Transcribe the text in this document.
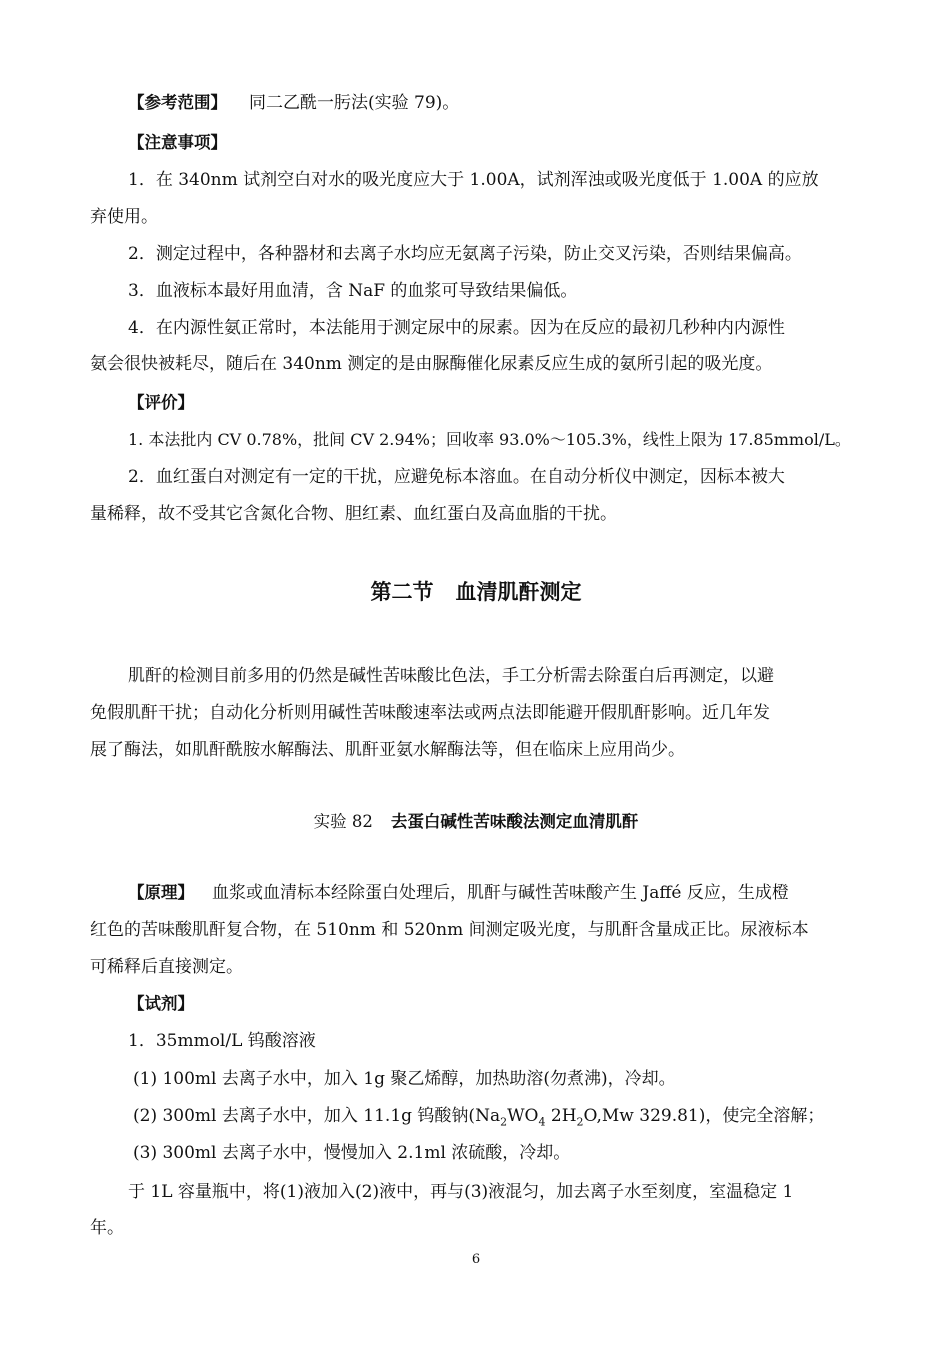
【参考范围】 同二乙酰一肟法(实验 79)。
【注意事项】
1．在 340nm 试剂空白对水的吸光度应大于 1.00A，试剂浑浊或吸光度低于 1.00A 的应放
弃使用。
2．测定过程中，各种器材和去离子水均应无氨离子污染，防止交叉污染，否则结果偏高。
3．血液标本最好用血清，含 NaF 的血浆可导致结果偏低。
4．在内源性氨正常时，本法能用于测定尿中的尿素。因为在反应的最初几秒种内内源性
氨会很快被耗尽，随后在 340nm 测定的是由脲酶催化尿素反应生成的氨所引起的吸光度。
【评价】
1. 本法批内 CV 0.78%，批间 CV 2.94%；回收率 93.0%～105.3%，线性上限为 17.85mmol/L。
2．血红蛋白对测定有一定的干扰，应避免标本溶血。在自动分析仪中测定，因标本被大
量稀释，故不受其它含氮化合物、胆红素、血红蛋白及高血脂的干扰。
第二节 血清肌酐测定
肌酐的检测目前多用的仍然是碱性苦味酸比色法，手工分析需去除蛋白后再测定，以避
免假肌酐干扰；自动化分析则用碱性苦味酸速率法或两点法即能避开假肌酐影响。近几年发
展了酶法，如肌酐酰胺水解酶法、肌酐亚氨水解酶法等，但在临床上应用尚少。
实验 82 去蛋白碱性苦味酸法测定血清肌酐
【原理】 血浆或血清标本经除蛋白处理后，肌酐与碱性苦味酸产生 Jaffé 反应，生成橙
红色的苦味酸肌酐复合物，在 510nm 和 520nm 间测定吸光度，与肌酐含量成正比。尿液标本
可稀释后直接测定。
【试剂】
1．35mmol/L 钨酸溶液
(1) 100ml 去离子水中，加入 1g 聚乙烯醇，加热助溶(勿煮沸)，冷却。
(2) 300ml 去离子水中，加入 11.1g 钨酸钠($Na_2WO_4$ $2H_2O,Mw$ 329.81)，使完全溶解；
(3) 300ml 去离子水中，慢慢加入 2.1ml 浓硫酸，冷却。
于 1L 容量瓶中，将(1)液加入(2)液中，再与(3)液混匀，加去离子水至刻度，室温稳定 1
年。
6
